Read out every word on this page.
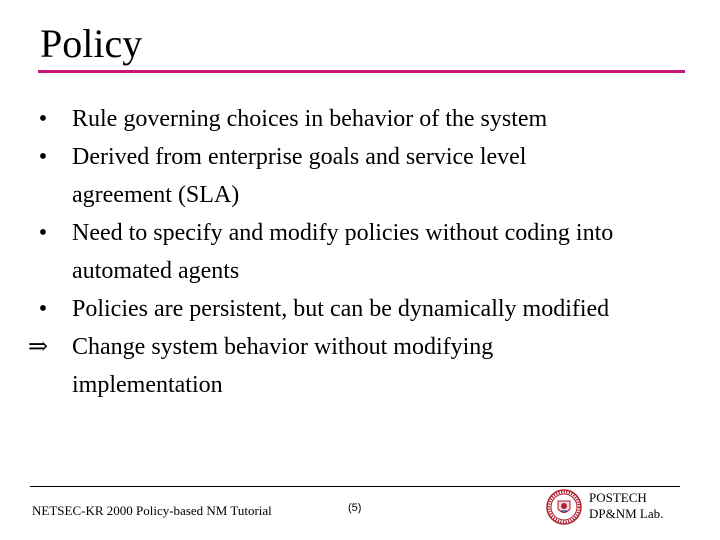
Policy
•	Rule governing choices in behavior of the system
•	Derived from enterprise goals and service level
agreement (SLA)
•	Need to specify and modify policies without coding into
automated agents
•	Policies are persistent, but can be dynamically modified
⇒ Change system behavior without modifying
implementation
NETSEC-KR 2000 Policy-based NM Tutorial	(5)
POSTECH
DP&NM Lab.
